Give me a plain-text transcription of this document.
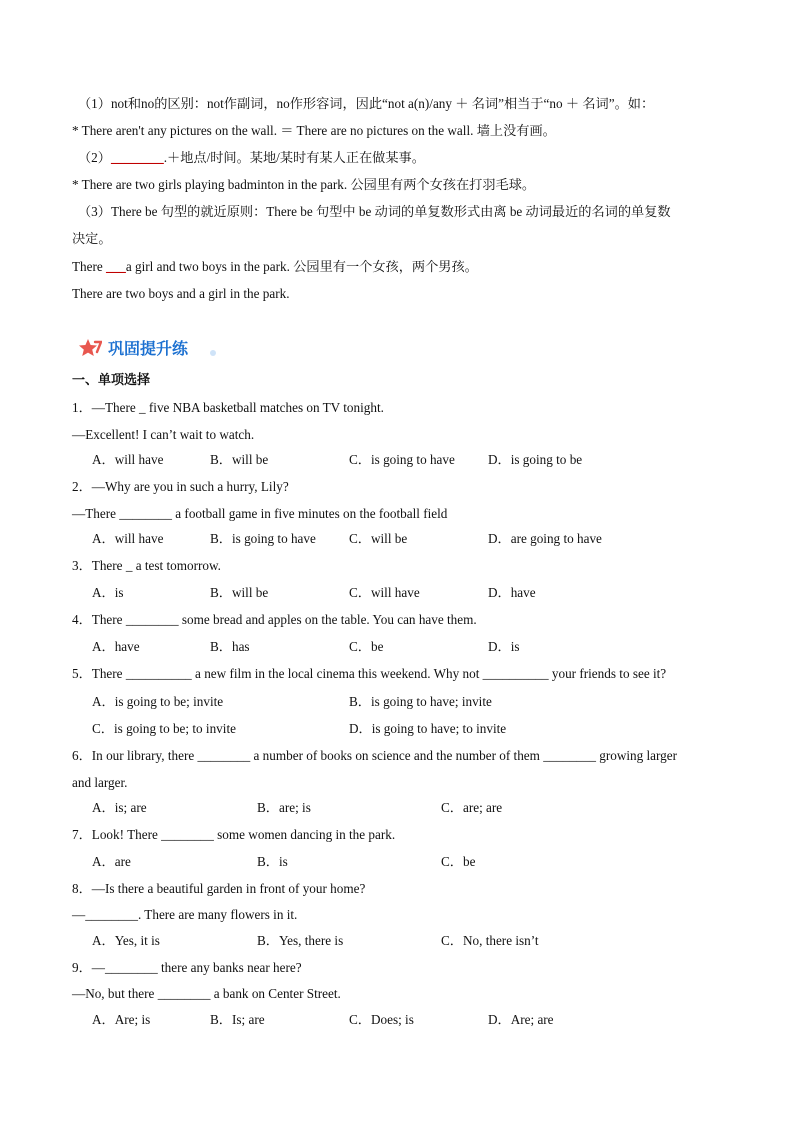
（1）not和no的区别：not作副词，no作形容词，因此“not a(n)/any ＋ 名词”相当于“no ＋ 名词”。如：
* There aren't any pictures on the wall. ＝ There are no pictures on the wall. 墙上没有画。
（2）________.＋地点/时间。某地/某时有某人正在做某事。
* There are two girls playing badminton in the park. 公园里有两个女孩在打羽毛球。
（3）There be 句型的就近原则：There be 句型中 be 动词的单复数形式由离 be 动词最近的名词的单复数
决定。
There ___a girl and two boys in the park. 公园里有一个女孩，两个男孩。
There are two boys and a girl in the park.
巩固提升练
一、单项选择
1．—There _ five NBA basketball matches on TV tonight.
—Excellent! I can’t wait to watch.
A．will have	B．will be	C．is going to have	D．is going to be
2．—Why are you in such a hurry, Lily?
—There ________ a football game in five minutes on the football field
A．will have	B．is going to have	C．will be	D．are going to have
3．There _ a test tomorrow.
A．is	B．will be	C．will have	D．have
4．There ________ some bread and apples on the table. You can have them.
A．have	B．has	C．be	D．is
5．There __________ a new film in the local cinema this weekend. Why not __________ your friends to see it?
A．is going to be; invite	B．is going to have; invite
C．is going to be; to invite	D．is going to have; to invite
6．In our library, there ________ a number of books on science and the number of them ________ growing larger
and larger.
A．is; are	B．are; is	C．are; are
7．Look! There ________ some women dancing in the park.
A．are	B．is	C．be
8．—Is there a beautiful garden in front of your home?
—________. There are many flowers in it.
A．Yes, it is	B．Yes, there is	C．No, there isn’t
9．—________ there any banks near here?
—No, but there ________ a bank on Center Street.
A．Are; is	B．Is; are	C．Does; is	D．Are; are
